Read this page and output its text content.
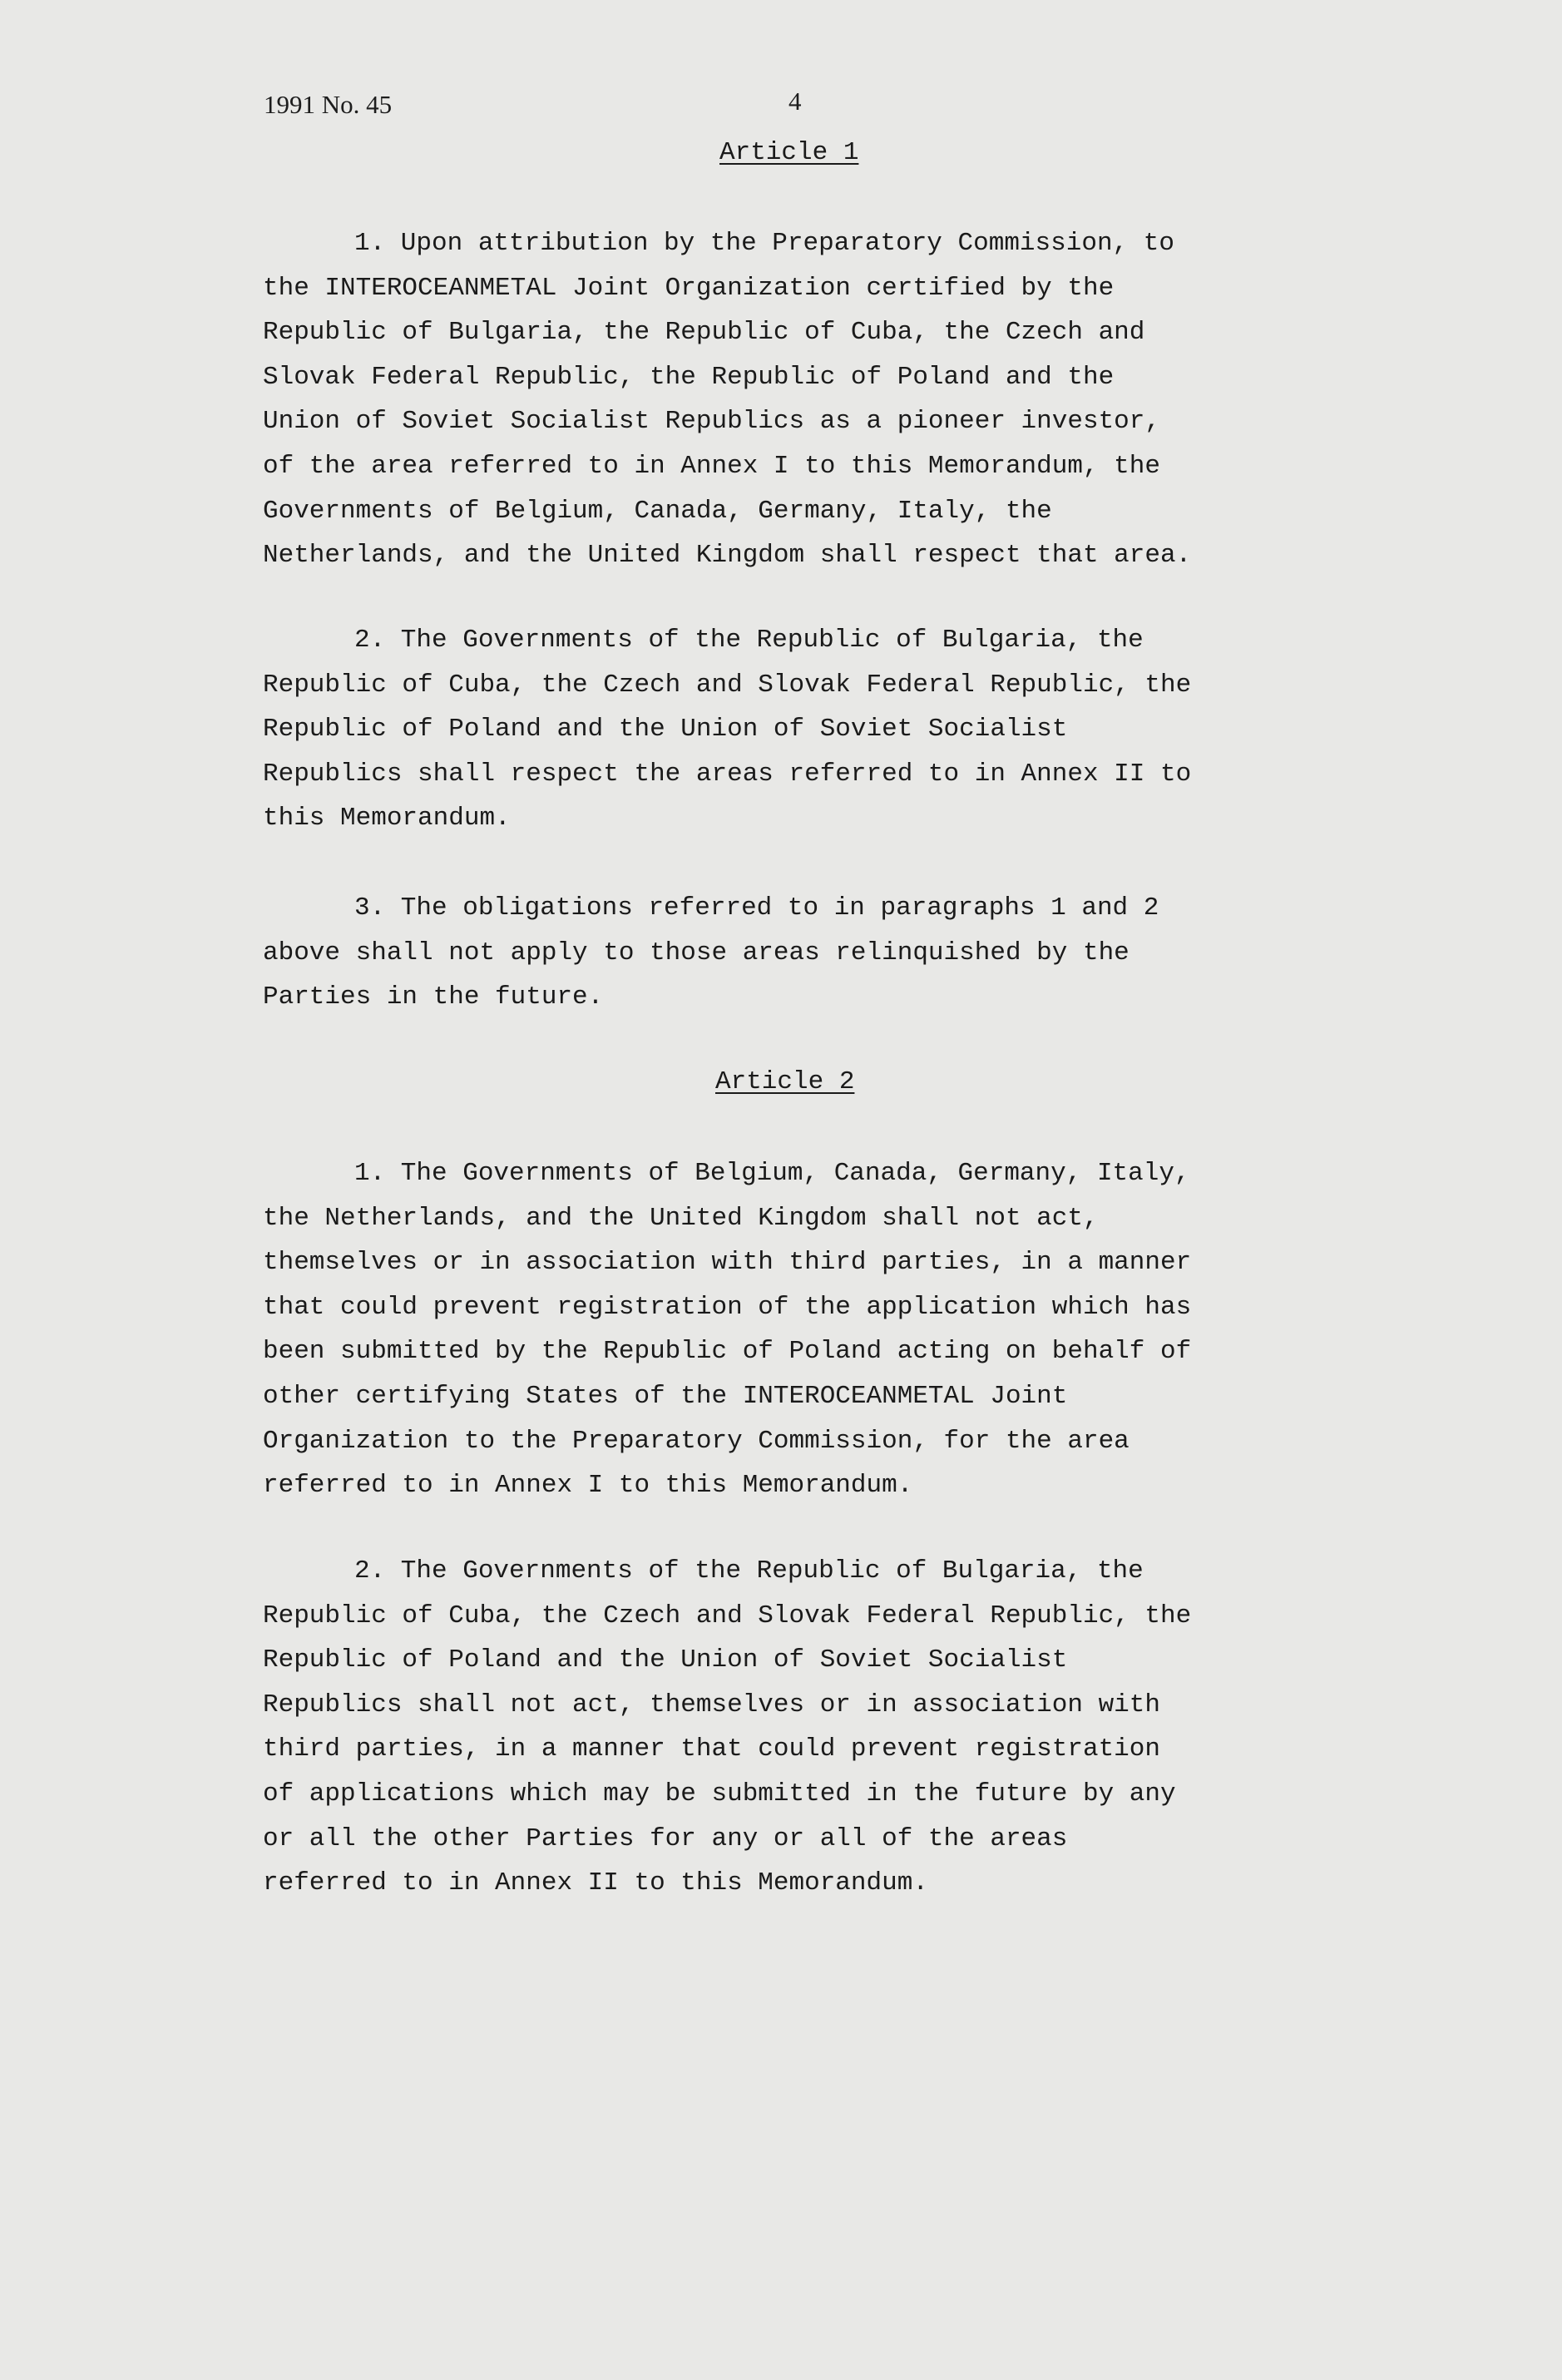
1991 No. 45	4
Article 1
1. Upon attribution by the Preparatory Commission, to
the INTEROCEANMETAL Joint Organization certified by the
Republic of Bulgaria, the Republic of Cuba, the Czech and
Slovak Federal Republic, the Republic of Poland and the
Union of Soviet Socialist Republics as a pioneer investor,
of the area referred to in Annex I to this Memorandum, the
Governments of Belgium, Canada, Germany, Italy, the
Netherlands, and the United Kingdom shall respect that area.
2. The Governments of the Republic of Bulgaria, the
Republic of Cuba, the Czech and Slovak Federal Republic, the
Republic of Poland and the Union of Soviet Socialist
Republics shall respect the areas referred to in Annex II to
this Memorandum.
3. The obligations referred to in paragraphs 1 and 2
above shall not apply to those areas relinquished by the
Parties in the future.
Article 2
1. The Governments of Belgium, Canada, Germany, Italy,
the Netherlands, and the United Kingdom shall not act,
themselves or in association with third parties, in a manner
that could prevent registration of the application which has
been submitted by the Republic of Poland acting on behalf of
other certifying States of the INTEROCEANMETAL Joint
Organization to the Preparatory Commission, for the area
referred to in Annex I to this Memorandum.
2. The Governments of the Republic of Bulgaria, the
Republic of Cuba, the Czech and Slovak Federal Republic, the
Republic of Poland and the Union of Soviet Socialist
Republics shall not act, themselves or in association with
third parties, in a manner that could prevent registration
of applications which may be submitted in the future by any
or all the other Parties for any or all of the areas
referred to in Annex II to this Memorandum.
